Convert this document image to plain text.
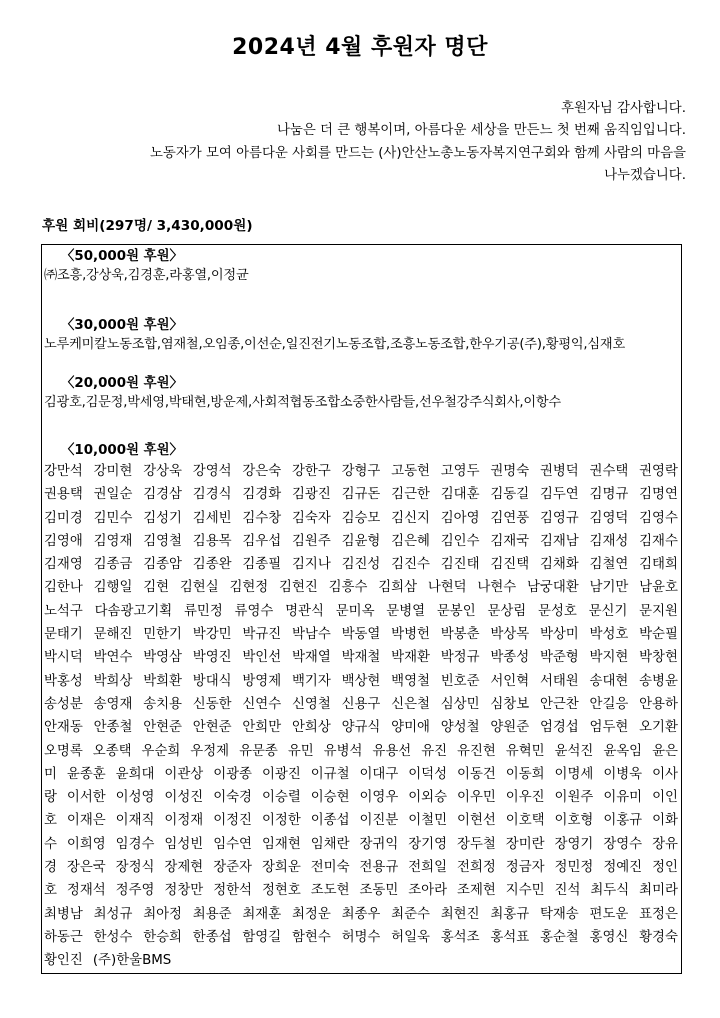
2024년 4월 후원자 명단
후원자님 감사합니다.
나눔은 더 큰 행복이며, 아름다운 세상을 만든느 첫 번째 움직임입니다.
노동자가 모여 아름다운 사회를 만드는 (사)안산노총노동자복지연구회와 함께 사람의 마음을
나누겠습니다.
후원 회비(297명/ 3,430,000원)
〈50,000원 후원〉
㈜조흥,강상욱,김경훈,라홍열,이정균
〈30,000원 후원〉
노루케미칼노동조합,염재철,오임종,이선순,일진전기노동조합,조흥노동조합,한우기공(주),황평익,심재호
〈20,000원 후원〉
김광호,김문정,박세영,박태현,방운제,사회적협동조합소중한사람들,선우철강주식회사,이항수
〈10,000원 후원〉
강만석 강미현 강상욱 강영석 강은숙 강한구 강형구 고동현 고영두 권명숙 권병덕 권수택 권영락
권용택 권일순 김경삼 김경식 김경화 김광진 김규돈 김근한 김대훈 김동길 김두연 김명규 김명연
김미경 김민수 김성기 김세빈 김수창 김숙자 김승모 김신지 김아영 김연풍 김영규 김영덕 김영수
김영애 김영재 김영철 김용목 김우섭 김원주 김윤형 김은혜 김인수 김재국 김재남 김재성 김재수
김재영 김종금 김종암 김종완 김종필 김지나 김진성 김진수 김진태 김진택 김채화 김철연 김태희
김한나 김행일 김현 김현실 김현정 김현진 김흥수 김희삼 나현덕 나현수 남궁대환 남기만 남윤호
노석구 다솜광고기획 류민정 류영수 명관식 문미옥 문병열 문봉인 문상림 문성호 문신기 문지원
문태기 문해진 민한기 박강민 박규진 박남수 박동열 박병헌 박봉춘 박상목 박상미 박성호 박순필
박시덕 박연수 박영삼 박영진 박인선 박재열 박재철 박재환 박정규 박종성 박준형 박지현 박창현
박홍성 박희상 박희환 방대식 방영제 백기자 백상현 백영철 빈호준 서인혁 서태원 송대현 송병윤
송성분 송영재 송치용 신동한 신연수 신영철 신용구 신은철 심상민 심창보 안근찬 안길응 안용하
안재동 안종철 안현준 안현준 안희만 안희상 양규식 양미애 양성철 양원준 엄경섭 엄두현 오기환
오명록 오종택 우순희 우정제 유문종 유민 유병석 유용선 유진 유진현 유혁민 윤석진 윤옥임 윤은
미 윤종훈 윤희대 이관상 이광종 이광진 이규철 이대구 이덕성 이동건 이동희 이명세 이병욱 이사
랑 이서한 이성영 이성진 이숙경 이승렬 이승현 이영우 이외승 이우민 이우진 이원주 이유미 이인
호 이재은 이재직 이정재 이정진 이정한 이종섭 이진분 이철민 이현선 이호택 이호형 이홍규 이화
수 이희영 임경수 임성빈 임수연 임재현 임채란 장귀익 장기영 장두철 장미란 장영기 장영수 장유
경 장은국 장정식 장제현 장준자 장희운 전미숙 전용규 전희일 전희정 정금자 정민정 정예진 정인
호 정재석 정주영 정창만 정한석 정현호 조도현 조동민 조아라 조제현 지수민 진석 최두식 최미라
최병남 최성규 최아정 최용준 최재훈 최정운 최종우 최준수 최현진 최홍규 탁재송 편도운 표정은
하동근 한성수 한승희 한종섭 함영길 함현수 허명수 허일욱 홍석조 홍석표 홍순철 홍영신 황경숙
황인진 (주)한울BMS
